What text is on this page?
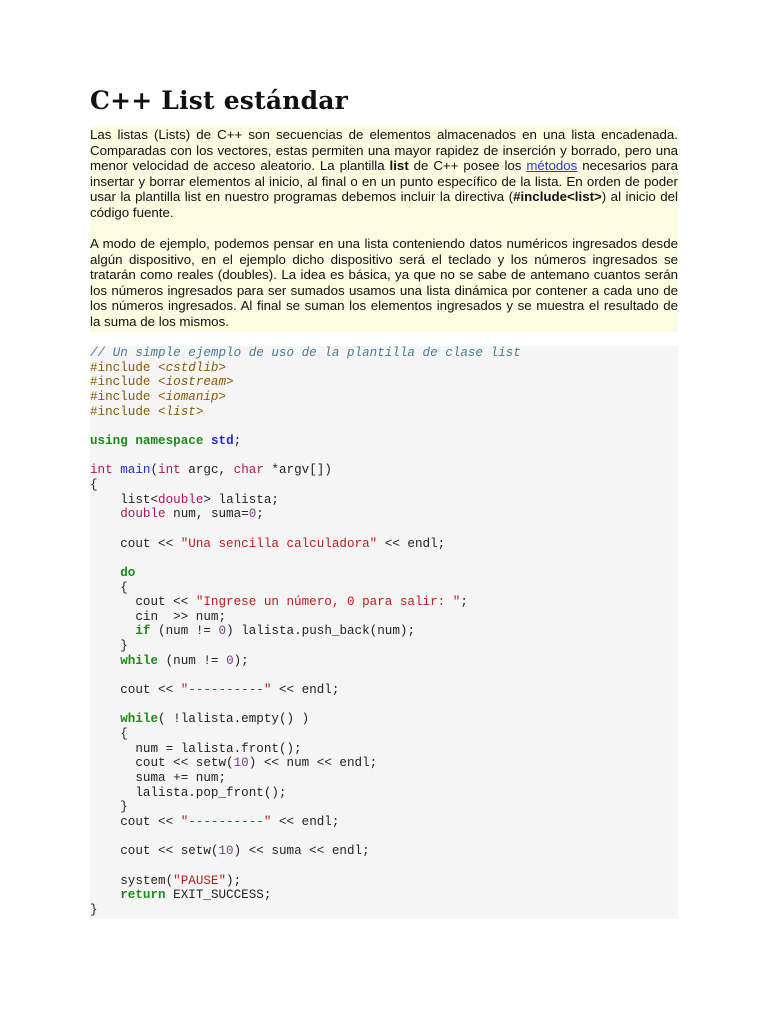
C++ List estándar

Las listas (Lists) de C++ son secuencias de elementos almacenados en una lista encadenada. Comparadas con los vectores, estas permiten una mayor rapidez de inserción y borrado, pero una menor velocidad de acceso aleatorio. La plantilla list de C++ posee los métodos necesarios para insertar y borrar elementos al inicio, al final o en un punto específico de la lista. En orden de poder usar la plantilla list en nuestro programas debemos incluir la directiva (#include<list>) al inicio del código fuente.

A modo de ejemplo, podemos pensar en una lista conteniendo datos numéricos ingresados desde algún dispositivo, en el ejemplo dicho dispositivo será el teclado y los números ingresados se tratarán como reales (doubles). La idea es básica, ya que no se sabe de antemano cuantos serán los números ingresados para ser sumados usamos una lista dinámica por contener a cada uno de los números ingresados. Al final se suman los elementos ingresados y se muestra el resultado de la suma de los mismos.

// Un simple ejemplo de uso de la plantilla de clase list
#include <cstdlib>
#include <iostream>
#include <iomanip>
#include <list>

using namespace std;

int main(int argc, char *argv[])
{
list<double> lalista;
double num, suma=0;

cout << "Una sencilla calculadora" << endl;

do
{
cout << "Ingrese un número, 0 para salir: ";
cin  >> num;
if (num != 0) lalista.push_back(num);
}
while (num != 0);

cout << "----------" << endl;

while( !lalista.empty() )
{
num = lalista.front();
cout << setw(10) << num << endl;
suma += num;
lalista.pop_front();
}
cout << "----------" << endl;

cout << setw(10) << suma << endl;

system("PAUSE");
return EXIT_SUCCESS;
}
